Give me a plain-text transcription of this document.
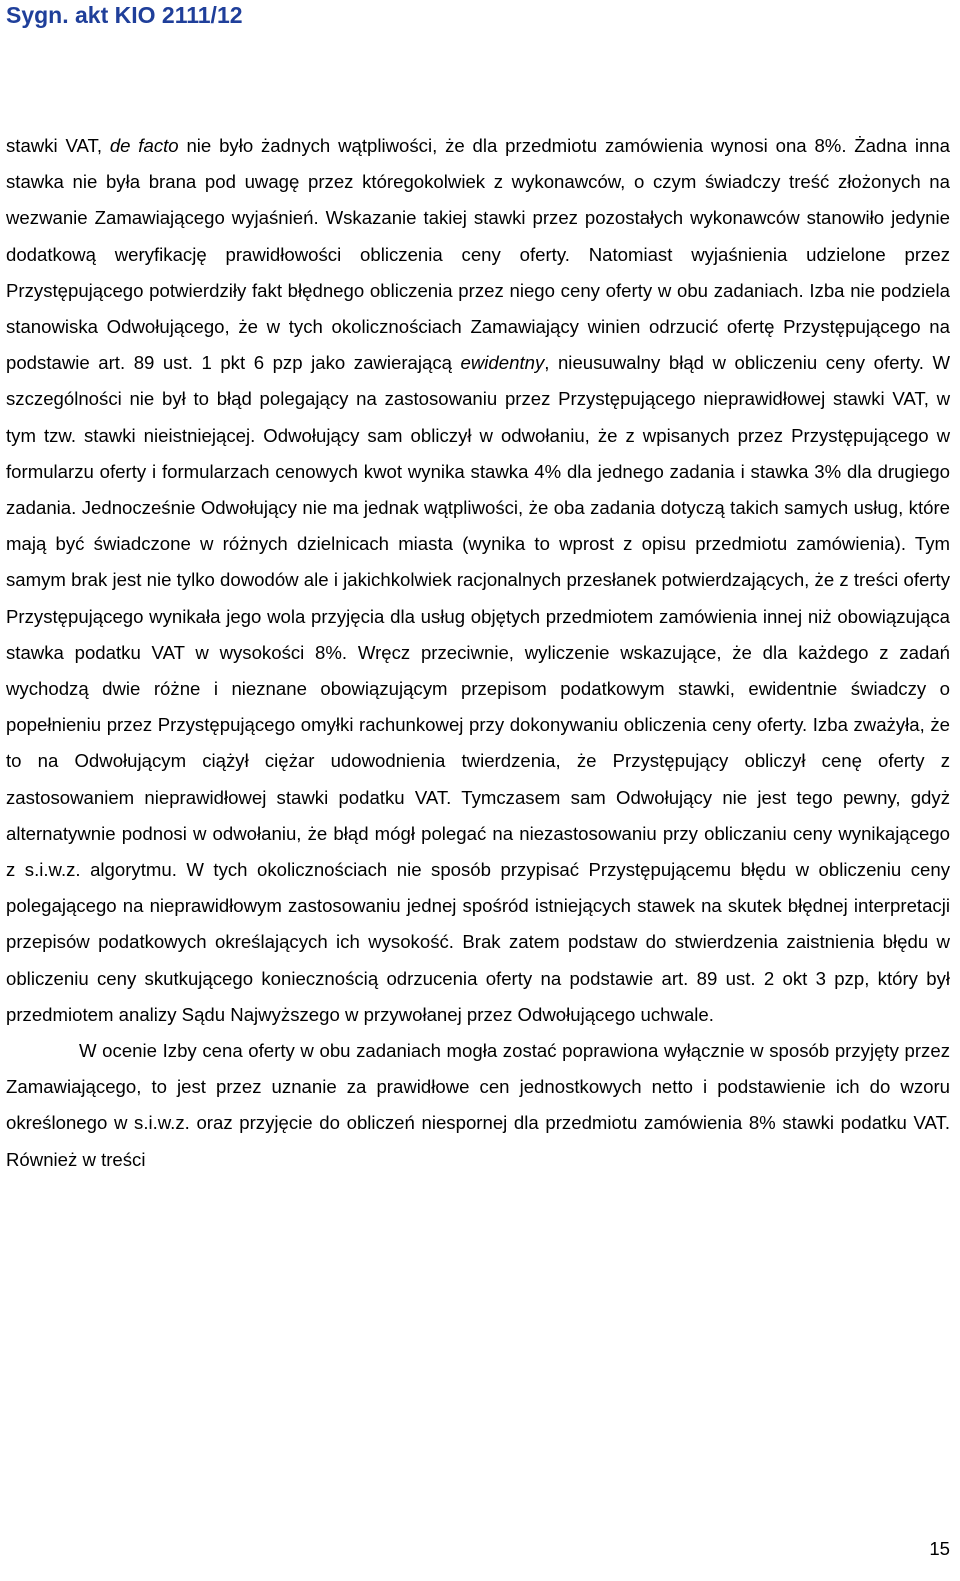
Sygn. akt KIO 2111/12

stawki VAT, de facto nie było żadnych wątpliwości, że dla przedmiotu zamówienia wynosi ona 8%. Żadna inna stawka nie była brana pod uwagę przez któregokolwiek z wykonawców, o czym świadczy treść złożonych na wezwanie Zamawiającego wyjaśnień. Wskazanie takiej stawki przez pozostałych wykonawców stanowiło jedynie dodatkową weryfikację prawidłowości obliczenia ceny oferty. Natomiast wyjaśnienia udzielone przez Przystępującego potwierdziły fakt błędnego obliczenia przez niego ceny oferty w obu zadaniach. Izba nie podziela stanowiska Odwołującego, że w tych okolicznościach Zamawiający winien odrzucić ofertę Przystępującego na podstawie art. 89 ust. 1 pkt 6 pzp jako zawierającą ewidentny, nieusuwalny błąd w obliczeniu ceny oferty. W szczególności nie był to błąd polegający na zastosowaniu przez Przystępującego nieprawidłowej stawki VAT, w tym tzw. stawki nieistniejącej. Odwołujący sam obliczył w odwołaniu, że z wpisanych przez Przystępującego w formularzu oferty i formularzach cenowych kwot wynika stawka 4% dla jednego zadania i stawka 3% dla drugiego zadania. Jednocześnie Odwołujący nie ma jednak wątpliwości, że oba zadania dotyczą takich samych usług, które mają być świadczone w różnych dzielnicach miasta (wynika to wprost z opisu przedmiotu zamówienia). Tym samym brak jest nie tylko dowodów ale i jakichkolwiek racjonalnych przesłanek potwierdzających, że z treści oferty Przystępującego wynikała jego wola przyjęcia dla usług objętych przedmiotem zamówienia innej niż obowiązująca stawka podatku VAT w wysokości 8%. Wręcz przeciwnie, wyliczenie wskazujące, że dla każdego z zadań wychodzą dwie różne i nieznane obowiązującym przepisom podatkowym stawki, ewidentnie świadczy o popełnieniu przez Przystępującego omyłki rachunkowej przy dokonywaniu obliczenia ceny oferty. Izba zważyła, że to na Odwołującym ciążył ciężar udowodnienia twierdzenia, że Przystępujący obliczył cenę oferty z zastosowaniem nieprawidłowej stawki podatku VAT. Tymczasem sam Odwołujący nie jest tego pewny, gdyż alternatywnie podnosi w odwołaniu, że błąd mógł polegać na niezastosowaniu przy obliczaniu ceny wynikającego z s.i.w.z. algorytmu. W tych okolicznościach nie sposób przypisać Przystępującemu błędu w obliczeniu ceny polegającego na nieprawidłowym zastosowaniu jednej spośród istniejących stawek na skutek błędnej interpretacji przepisów podatkowych określających ich wysokość. Brak zatem podstaw do stwierdzenia zaistnienia błędu w obliczeniu ceny skutkującego koniecznością odrzucenia oferty na podstawie art. 89 ust. 2 okt 3 pzp, który był przedmiotem analizy Sądu Najwyższego w przywołanej przez Odwołującego uchwale.

W ocenie Izby cena oferty w obu zadaniach mogła zostać poprawiona wyłącznie w sposób przyjęty przez Zamawiającego, to jest przez uznanie za prawidłowe cen jednostkowych netto i podstawienie ich do wzoru określonego w s.i.w.z. oraz przyjęcie do obliczeń niespornej dla przedmiotu zamówienia 8% stawki podatku VAT. Również w treści

15
